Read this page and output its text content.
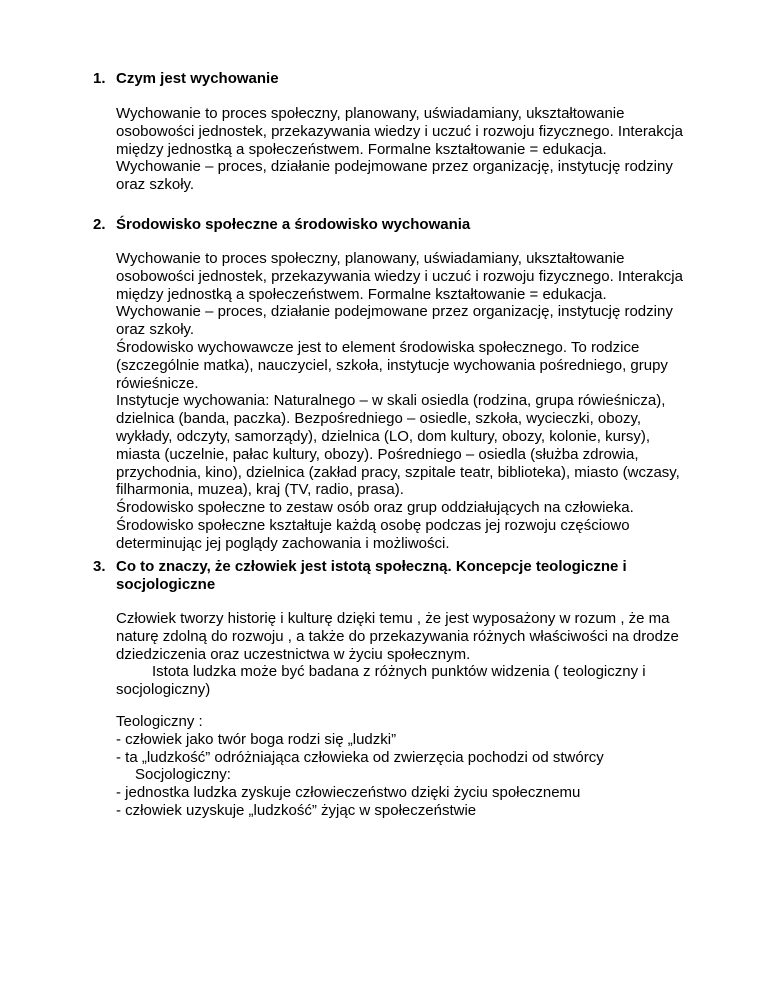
1. Czym jest wychowanie
Wychowanie to proces społeczny, planowany, uświadamiany, ukształtowanie
osobowości jednostek, przekazywania wiedzy i uczuć i rozwoju fizycznego. Interakcja
między jednostką a społeczeństwem. Formalne kształtowanie = edukacja.
Wychowanie – proces, działanie podejmowane przez organizację, instytucję rodziny
oraz szkoły.
2. Środowisko społeczne a środowisko wychowania
Wychowanie to proces społeczny, planowany, uświadamiany, ukształtowanie
osobowości jednostek, przekazywania wiedzy i uczuć i rozwoju fizycznego. Interakcja
między jednostką a społeczeństwem. Formalne kształtowanie = edukacja.
Wychowanie – proces, działanie podejmowane przez organizację, instytucję rodziny
oraz szkoły.
Środowisko wychowawcze jest to element środowiska społecznego. To rodzice
(szczególnie matka), nauczyciel, szkoła, instytucje wychowania pośredniego, grupy
rówieśnicze.
Instytucje wychowania: Naturalnego – w skali osiedla (rodzina, grupa rówieśnicza),
dzielnica (banda, paczka). Bezpośredniego – osiedle, szkoła, wycieczki, obozy,
wykłady, odczyty, samorządy), dzielnica (LO, dom kultury, obozy, kolonie, kursy),
miasta (uczelnie, pałac kultury, obozy). Pośredniego – osiedla (służba zdrowia,
przychodnia, kino), dzielnica (zakład pracy, szpitale teatr, biblioteka), miasto (wczasy,
filharmonia, muzea), kraj (TV, radio, prasa).
Środowisko społeczne to zestaw osób oraz grup oddziałujących na człowieka.
Środowisko społeczne kształtuje każdą osobę podczas jej rozwoju częściowo
determinując jej poglądy zachowania i możliwości.
3. Co to znaczy, że człowiek jest istotą społeczną. Koncepcje teologiczne i
socjologiczne
Człowiek tworzy historię i kulturę dzięki temu , że jest wyposażony w rozum , że ma
naturę zdolną do rozwoju , a także do przekazywania różnych właściwości na drodze
dziedziczenia oraz uczestnictwa w życiu społecznym.
Istota ludzka może być badana z różnych punktów widzenia ( teologiczny i
socjologiczny)
Teologiczny :
- człowiek jako twór boga rodzi się „ludzki”
- ta „ludzkość” odróżniająca człowieka od zwierzęcia pochodzi od stwórcy
Socjologiczny:
- jednostka ludzka zyskuje człowieczeństwo dzięki życiu społecznemu
- człowiek uzyskuje „ludzkość” żyjąc w społeczeństwie
